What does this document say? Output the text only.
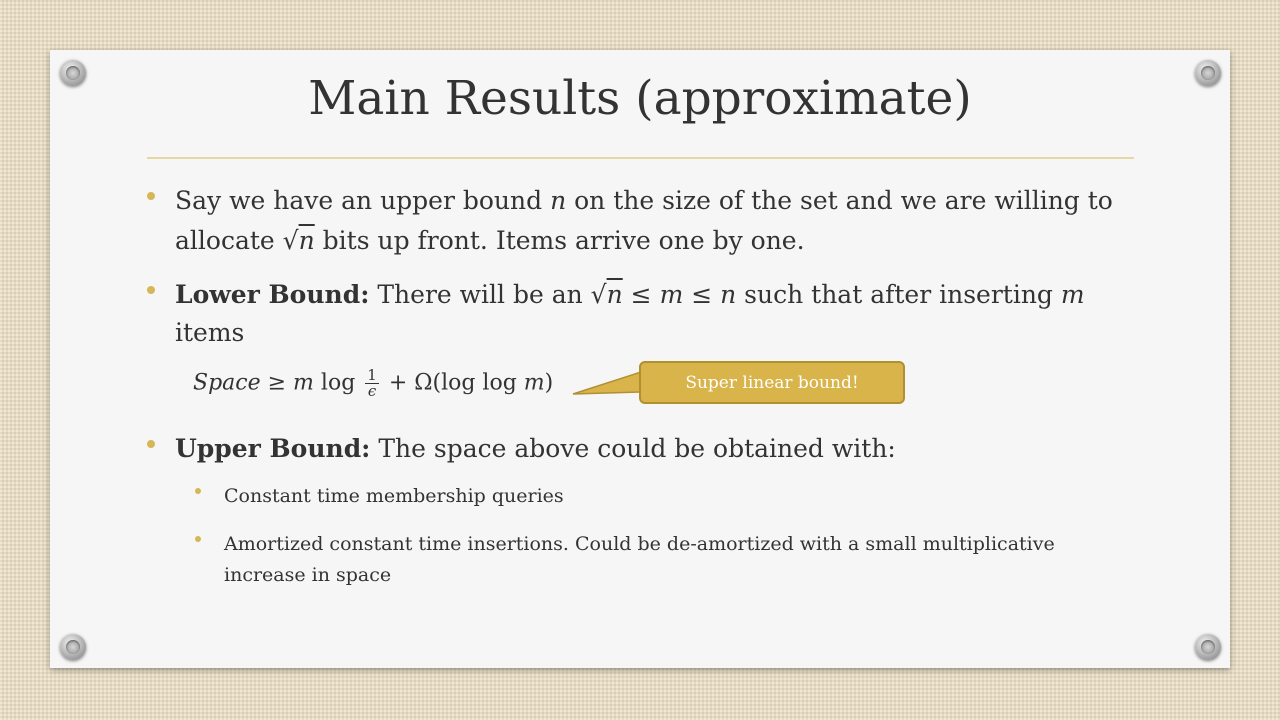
Main Results (approximate)
Say we have an upper bound n on the size of the set and we are willing to
allocate √n bits up front. Items arrive one by one.
Lower Bound: There will be an √n ≤ m ≤ n such that after inserting m
items
Space ≥ m $\log \frac{1}{\epsilon} + \Omega(\log$ log m)	Super linear bound!
Upper Bound: The space above could be obtained with:
Constant time membership queries
Amortized constant time insertions. Could be de-amortized with a small multiplicative
increase in space
